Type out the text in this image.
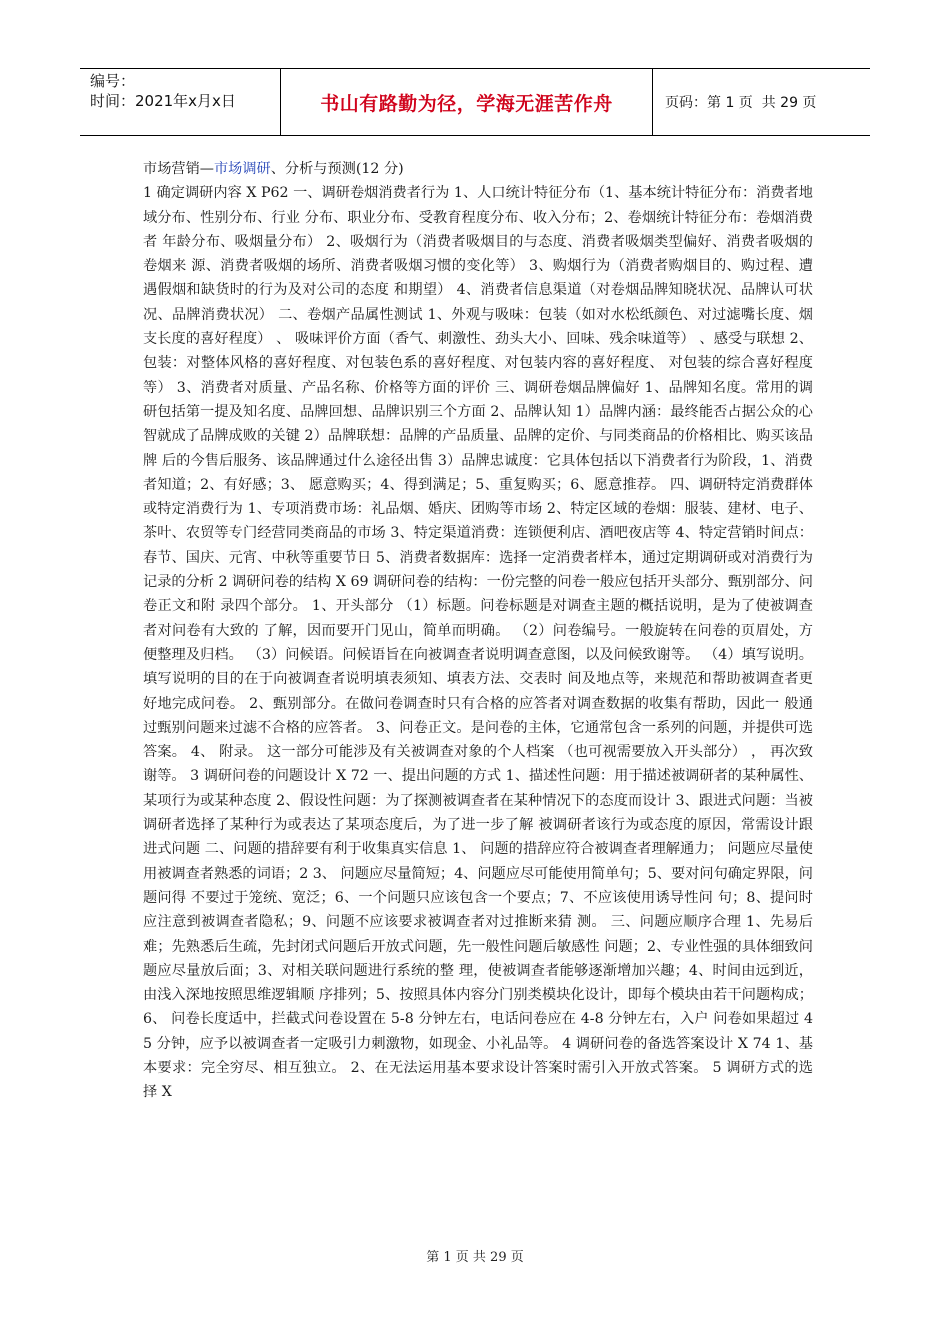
编号：
时间：2021年x月x日	书山有路勤为径，学海无涯苦作舟	页码：第 1 页  共 29 页

市场营销—市场调研、分析与预测(12 分)

1 确定调研内容 X P62 一、调研卷烟消费者行为 1、人口统计特征分布（1、基本统计特征分布：消费者地域分布、性别分布、行业 分布、职业分布、受教育程度分布、收入分布；2、卷烟统计特征分布：卷烟消费者 年龄分布、吸烟量分布） 2、吸烟行为（消费者吸烟目的与态度、消费者吸烟类型偏好、消费者吸烟的卷烟来 源、消费者吸烟的场所、消费者吸烟习惯的变化等） 3、购烟行为（消费者购烟目的、购过程、遭遇假烟和缺货时的行为及对公司的态度 和期望） 4、消费者信息渠道（对卷烟品牌知晓状况、品牌认可状况、品牌消费状况） 二、卷烟产品属性测试 1、外观与吸味：包装（如对水松纸颜色、对过滤嘴长度、烟支长度的喜好程度） 、 吸味评价方面（香气、刺激性、劲头大小、回味、残余味道等） 、感受与联想 2、包装：对整体风格的喜好程度、对包装色系的喜好程度、对包装内容的喜好程度、 对包装的综合喜好程度等） 3、消费者对质量、产品名称、价格等方面的评价 三、调研卷烟品牌偏好 1、品牌知名度。常用的调研包括第一提及知名度、品牌回想、品牌识别三个方面 2、品牌认知 1）品牌内涵：最终能否占据公众的心智就成了品牌成败的关键 2）品牌联想：品牌的产品质量、品牌的定价、与同类商品的价格相比、购买该品牌 后的今售后服务、该品牌通过什么途径出售 3）品牌忠诚度：它具体包括以下消费者行为阶段，1、消费者知道；2、有好感；3、 愿意购买；4、得到满足；5、重复购买；6、愿意推荐。 四、调研特定消费群体或特定消费行为 1、专项消费市场：礼品烟、婚庆、团购等市场 2、特定区域的卷烟：服装、建材、电子、茶叶、农贸等专门经营同类商品的市场 3、特定渠道消费：连锁便利店、酒吧夜店等 4、特定营销时间点：春节、国庆、元宵、中秋等重要节日 5、消费者数据库：选择一定消费者样本，通过定期调研或对消费行为记录的分析 2 调研问卷的结构 X 69 调研问卷的结构：一份完整的问卷一般应包括开头部分、甄别部分、问卷正文和附 录四个部分。 1、开头部分 （1）标题。问卷标题是对调查主题的概括说明，是为了使被调查者对问卷有大致的 了解，因而要开门见山，简单而明确。 （2）问卷编号。一般旋转在问卷的页眉处，方便整理及归档。 （3）问候语。问候语旨在向被调查者说明调查意图，以及问候致谢等。 （4）填写说明。填写说明的目的在于向被调查者说明填表须知、填表方法、交表时 间及地点等，来规范和帮助被调查者更好地完成问卷。 2、甄别部分。在做问卷调查时只有合格的应答者对调查数据的收集有帮助，因此一 般通过甄别问题来过滤不合格的应答者。 3、问卷正文。是问卷的主体，它通常包含一系列的问题，并提供可选答案。 4、 附录。 这一部分可能涉及有关被调查对象的个人档案 （也可视需要放入开头部分） ， 再次致谢等。 3 调研问卷的问题设计 X 72 一、提出问题的方式 1、描述性问题：用于描述被调研者的某种属性、某项行为或某种态度 2、假设性问题：为了探测被调查者在某种情况下的态度而设计 3、跟进式问题：当被调研者选择了某种行为或表达了某项态度后，为了进一步了解 被调研者该行为或态度的原因，常需设计跟进式问题 二、问题的措辞要有利于收集真实信息 1、 问题的措辞应符合被调查者理解通力； 问题应尽量使用被调查者熟悉的词语；2 3、 问题应尽量简短；4、问题应尽可能使用简单句；5、要对问句确定界限，问题问得 不要过于笼统、宽泛；6、一个问题只应该包含一个要点；7、不应该使用诱导性问 句；8、提问时应注意到被调查者隐私；9、问题不应该要求被调查者对过推断来猜 测。 三、问题应顺序合理 1、先易后难；先熟悉后生疏，先封闭式问题后开放式问题，先一般性问题后敏感性 问题；2、专业性强的具体细致问题应尽量放后面；3、对相关联问题进行系统的整 理，使被调查者能够逐渐增加兴趣；4、时间由远到近，由浅入深地按照思维逻辑顺 序排列；5、按照具体内容分门别类模块化设计，即每个模块由若干问题构成； 6、 问卷长度适中，拦截式问卷设置在 5-8 分钟左右，电话问卷应在 4-8 分钟左右，入户 问卷如果超过 45 分钟，应予以被调查者一定吸引力刺激物，如现金、小礼品等。 4 调研问卷的备选答案设计 X 74 1、基本要求：完全穷尽、相互独立。 2、在无法运用基本要求设计答案时需引入开放式答案。 5 调研方式的选择 X

第 1 页 共 29 页
